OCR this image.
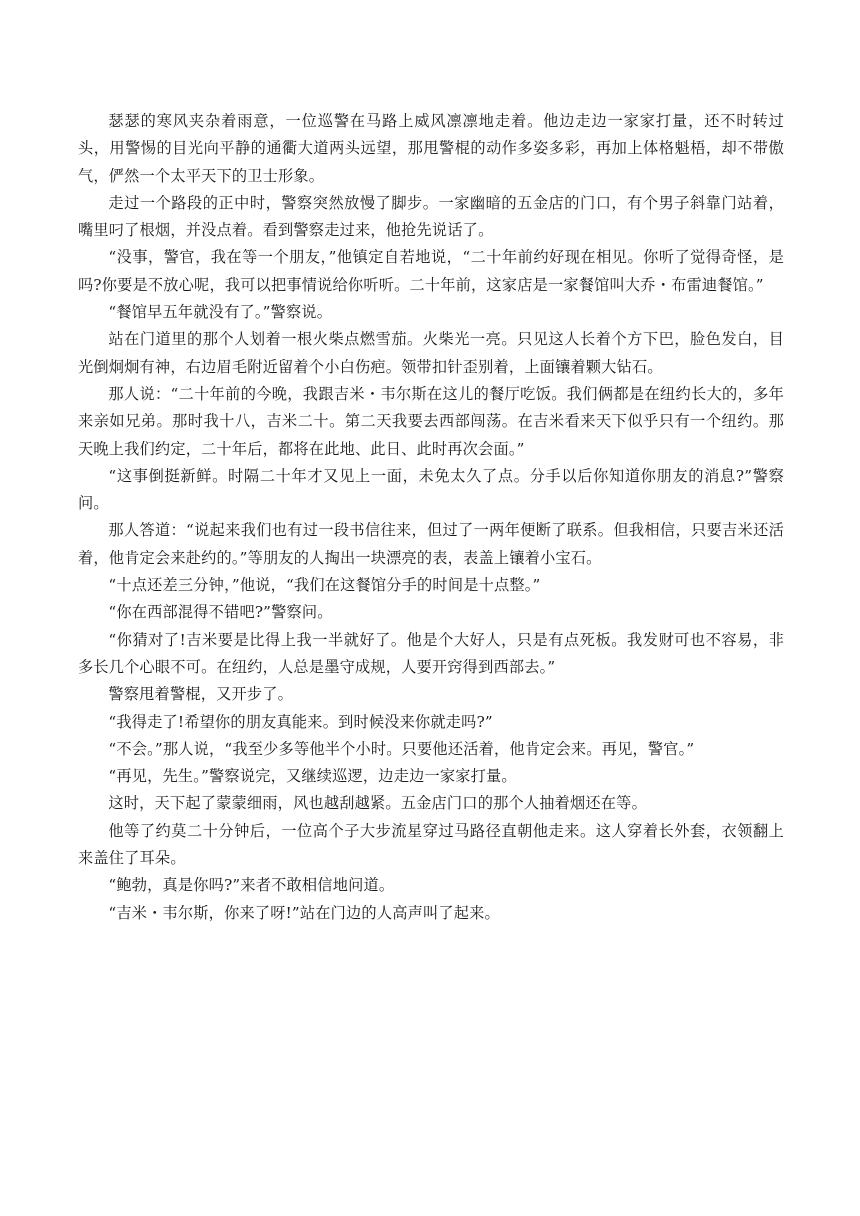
瑟瑟的寒风夹杂着雨意，一位巡警在马路上威风凛凛地走着。他边走边一家家打量，还不时转过头，用警惕的目光向平静的通衢大道两头远望，那甩警棍的动作多姿多彩，再加上体格魁梧，却不带傲气，俨然一个太平天下的卫士形象。

走过一个路段的正中时，警察突然放慢了脚步。一家幽暗的五金店的门口，有个男子斜靠门站着，嘴里叼了根烟，并没点着。看到警察走过来，他抢先说话了。

“没事，警官，我在等一个朋友，”他镇定自若地说，“二十年前约好现在相见。你听了觉得奇怪，是吗?你要是不放心呢，我可以把事情说给你听听。二十年前，这家店是一家餐馆叫大乔・布雷迪餐馆。”

“餐馆早五年就没有了。”警察说。

站在门道里的那个人划着一根火柴点燃雪茄。火柴光一亮。只见这人长着个方下巴，脸色发白，目光倒炯炯有神，右边眉毛附近留着个小白伤疤。领带扣针歪别着，上面镶着颗大钻石。

那人说：“二十年前的今晚，我跟吉米・韦尔斯在这儿的餐厅吃饭。我们俩都是在纽约长大的，多年来亲如兄弟。那时我十八，吉米二十。第二天我要去西部闯荡。在吉米看来天下似乎只有一个纽约。那天晚上我们约定，二十年后，都将在此地、此日、此时再次会面。”

“这事倒挺新鲜。时隔二十年才又见上一面，未免太久了点。分手以后你知道你朋友的消息?”警察问。

那人答道：“说起来我们也有过一段书信往来，但过了一两年便断了联系。但我相信，只要吉米还活着，他肯定会来赴约的。”等朋友的人掏出一块漂亮的表，表盖上镶着小宝石。

“十点还差三分钟，”他说，“我们在这餐馆分手的时间是十点整。”

“你在西部混得不错吧?”警察问。

“你猜对了!吉米要是比得上我一半就好了。他是个大好人，只是有点死板。我发财可也不容易，非多长几个心眼不可。在纽约，人总是墨守成规，人要开窍得到西部去。”

警察甩着警棍，又开步了。

“我得走了!希望你的朋友真能来。到时候没来你就走吗?”

“不会。”那人说，“我至少多等他半个小时。只要他还活着，他肯定会来。再见，警官。”

“再见，先生。”警察说完，又继续巡逻，边走边一家家打量。

这时，天下起了蒙蒙细雨，风也越刮越紧。五金店门口的那个人抽着烟还在等。

他等了约莫二十分钟后，一位高个子大步流星穿过马路径直朝他走来。这人穿着长外套，衣领翻上来盖住了耳朵。

“鲍勃，真是你吗?”来者不敢相信地问道。

“吉米・韦尔斯，你来了呀!”站在门边的人高声叫了起来。
